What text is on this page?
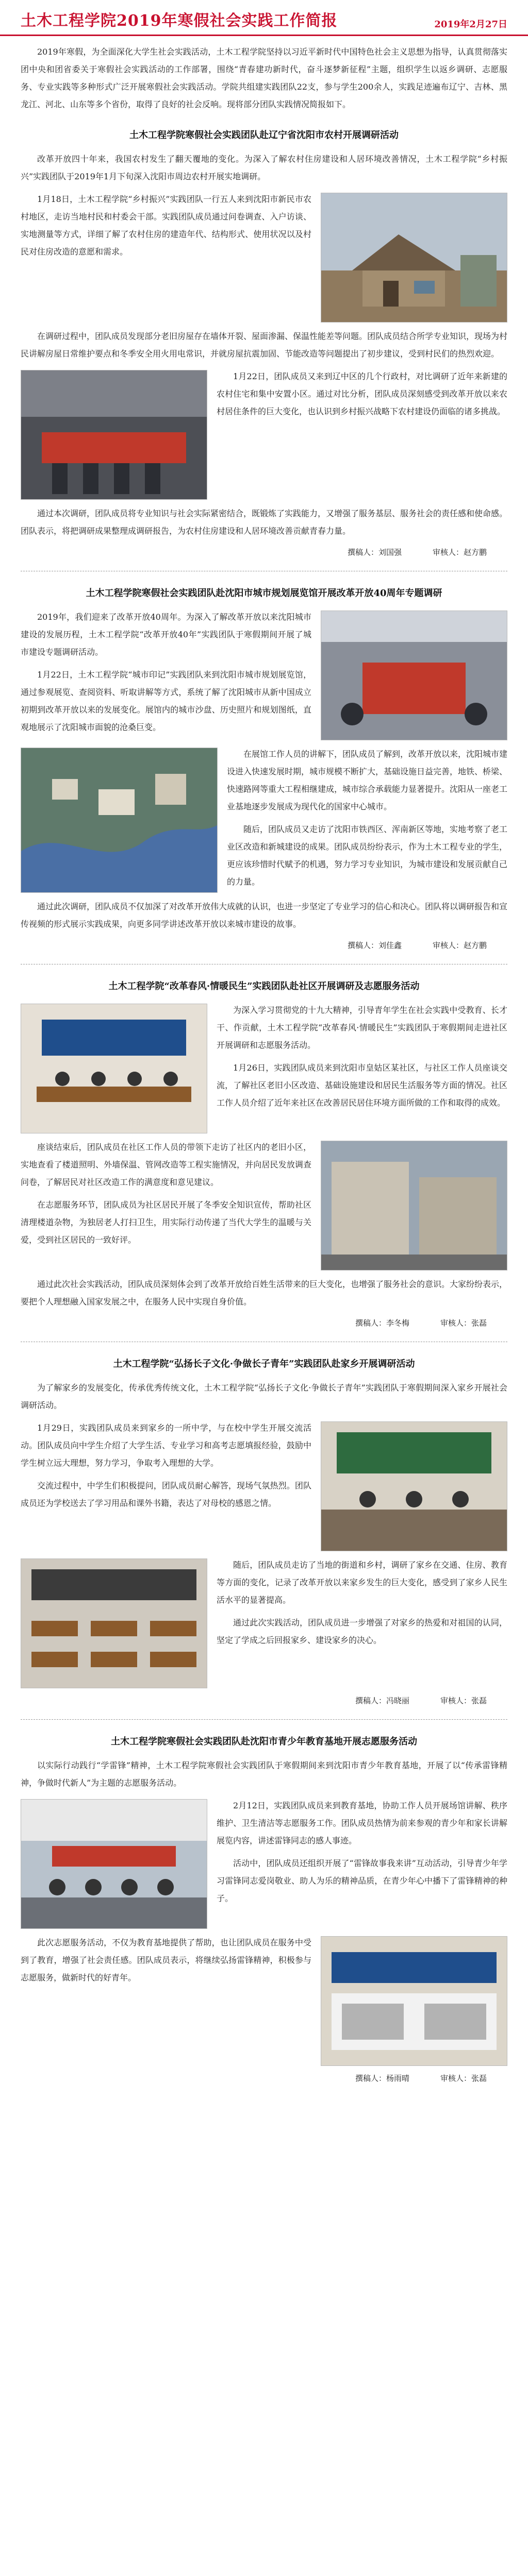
土木工程学院2019年寒假社会实践工作简报	2019年2月27日

2019年寒假，为全面深化大学生社会实践活动，土木工程学院坚持以习近平新时代中国特色社会主义思想为指导，认真贯彻落实团中央和团省委关于寒假社会实践活动的工作部署，围绕“青春建功新时代，奋斗逐梦新征程”主题，组织学生以返乡调研、志愿服务、专业实践等多种形式广泛开展寒假社会实践活动。学院共组建实践团队22支，参与学生200余人，实践足迹遍布辽宁、吉林、黑龙江、河北、山东等多个省份，取得了良好的社会反响。现将部分团队实践情况简报如下。

土木工程学院寒假社会实践团队赴辽宁省沈阳市农村开展调研活动

改革开放四十年来，我国农村发生了翻天覆地的变化。为深入了解农村住房建设和人居环境改善情况，土木工程学院“乡村振兴”实践团队于2019年1月下旬深入沈阳市周边农村开展实地调研。

1月18日，土木工程学院“乡村振兴”实践团队一行五人来到沈阳市新民市农村地区，走访当地村民和村委会干部。实践团队成员通过问卷调查、入户访谈、实地测量等方式，详细了解了农村住房的建造年代、结构形式、使用状况以及村民对住房改造的意愿和需求。

在调研过程中，团队成员发现部分老旧房屋存在墙体开裂、屋面渗漏、保温性能差等问题。团队成员结合所学专业知识，现场为村民讲解房屋日常维护要点和冬季安全用火用电常识，并就房屋抗震加固、节能改造等问题提出了初步建议，受到村民们的热烈欢迎。

1月22日，团队成员又来到辽中区的几个行政村，对比调研了近年来新建的农村住宅和集中安置小区。通过对比分析，团队成员深刻感受到改革开放以来农村居住条件的巨大变化，也认识到乡村振兴战略下农村建设仍面临的诸多挑战。

通过本次调研，团队成员将专业知识与社会实际紧密结合，既锻炼了实践能力，又增强了服务基层、服务社会的责任感和使命感。团队表示，将把调研成果整理成调研报告，为农村住房建设和人居环境改善贡献青春力量。

撰稿人：刘国强	审核人：赵方鹏
土木工程学院寒假社会实践团队赴沈阳市城市规划展览馆开展改革开放40周年专题调研

2019年，我们迎来了改革开放40周年。为深入了解改革开放以来沈阳城市建设的发展历程，土木工程学院“改革开放40年”实践团队于寒假期间开展了城市建设专题调研活动。

1月22日，土木工程学院“城市印记”实践团队来到沈阳市城市规划展览馆，通过参观展览、查阅资料、听取讲解等方式，系统了解了沈阳城市从新中国成立初期到改革开放以来的发展变化。展馆内的城市沙盘、历史照片和规划图纸，直观地展示了沈阳城市面貌的沧桑巨变。

在展馆工作人员的讲解下，团队成员了解到，改革开放以来，沈阳城市建设进入快速发展时期，城市规模不断扩大，基础设施日益完善，地铁、桥梁、快速路网等重大工程相继建成，城市综合承载能力显著提升。沈阳从一座老工业基地逐步发展成为现代化的国家中心城市。

随后，团队成员又走访了沈阳市铁西区、浑南新区等地，实地考察了老工业区改造和新城建设的成果。团队成员纷纷表示，作为土木工程专业的学生，更应该珍惜时代赋予的机遇，努力学习专业知识，为城市建设和发展贡献自己的力量。

通过此次调研，团队成员不仅加深了对改革开放伟大成就的认识，也进一步坚定了专业学习的信心和决心。团队将以调研报告和宣传视频的形式展示实践成果，向更多同学讲述改革开放以来城市建设的故事。

撰稿人：刘佳鑫	审核人：赵方鹏
土木工程学院“改革春风·情暖民生”实践团队赴社区开展调研及志愿服务活动

为深入学习贯彻党的十九大精神，引导青年学生在社会实践中受教育、长才干、作贡献，土木工程学院“改革春风·情暖民生”实践团队于寒假期间走进社区开展调研和志愿服务活动。

1月26日，实践团队成员来到沈阳市皇姑区某社区，与社区工作人员座谈交流，了解社区老旧小区改造、基础设施建设和居民生活服务等方面的情况。社区工作人员介绍了近年来社区在改善居民居住环境方面所做的工作和取得的成效。

座谈结束后，团队成员在社区工作人员的带领下走访了社区内的老旧小区，实地查看了楼道照明、外墙保温、管网改造等工程实施情况，并向居民发放调查问卷，了解居民对社区改造工作的满意度和意见建议。

在志愿服务环节，团队成员为社区居民开展了冬季安全知识宣传，帮助社区清理楼道杂物，为独居老人打扫卫生，用实际行动传递了当代大学生的温暖与关爱，受到社区居民的一致好评。

通过此次社会实践活动，团队成员深刻体会到了改革开放给百姓生活带来的巨大变化，也增强了服务社会的意识。大家纷纷表示，要把个人理想融入国家发展之中，在服务人民中实现自身价值。

撰稿人：李冬梅	审核人：张磊
土木工程学院“弘扬长子文化·争做长子青年”实践团队赴家乡开展调研活动

为了解家乡的发展变化，传承优秀传统文化，土木工程学院“弘扬长子文化·争做长子青年”实践团队于寒假期间深入家乡开展社会调研活动。

1月29日，实践团队成员来到家乡的一所中学，与在校中学生开展交流活动。团队成员向中学生介绍了大学生活、专业学习和高考志愿填报经验，鼓励中学生树立远大理想，努力学习，争取考入理想的大学。

交流过程中，中学生们积极提问，团队成员耐心解答，现场气氛热烈。团队成员还为学校送去了学习用品和课外书籍，表达了对母校的感恩之情。

随后，团队成员走访了当地的街道和乡村，调研了家乡在交通、住房、教育等方面的变化，记录了改革开放以来家乡发生的巨大变化，感受到了家乡人民生活水平的显著提高。

通过此次实践活动，团队成员进一步增强了对家乡的热爱和对祖国的认同，坚定了学成之后回报家乡、建设家乡的决心。

撰稿人：冯晓丽	审核人：张磊
土木工程学院寒假社会实践团队赴沈阳市青少年教育基地开展志愿服务活动

以实际行动践行“学雷锋”精神，土木工程学院寒假社会实践团队于寒假期间来到沈阳市青少年教育基地，开展了以“传承雷锋精神，争做时代新人”为主题的志愿服务活动。

2月12日，实践团队成员来到教育基地，协助工作人员开展场馆讲解、秩序维护、卫生清洁等志愿服务工作。团队成员热情为前来参观的青少年和家长讲解展览内容，讲述雷锋同志的感人事迹。

活动中，团队成员还组织开展了“雷锋故事我来讲”互动活动，引导青少年学习雷锋同志爱岗敬业、助人为乐的精神品质，在青少年心中播下了雷锋精神的种子。

此次志愿服务活动，不仅为教育基地提供了帮助，也让团队成员在服务中受到了教育，增强了社会责任感。团队成员表示，将继续弘扬雷锋精神，积极参与志愿服务，做新时代的好青年。

撰稿人：杨雨晴	审核人：张磊
